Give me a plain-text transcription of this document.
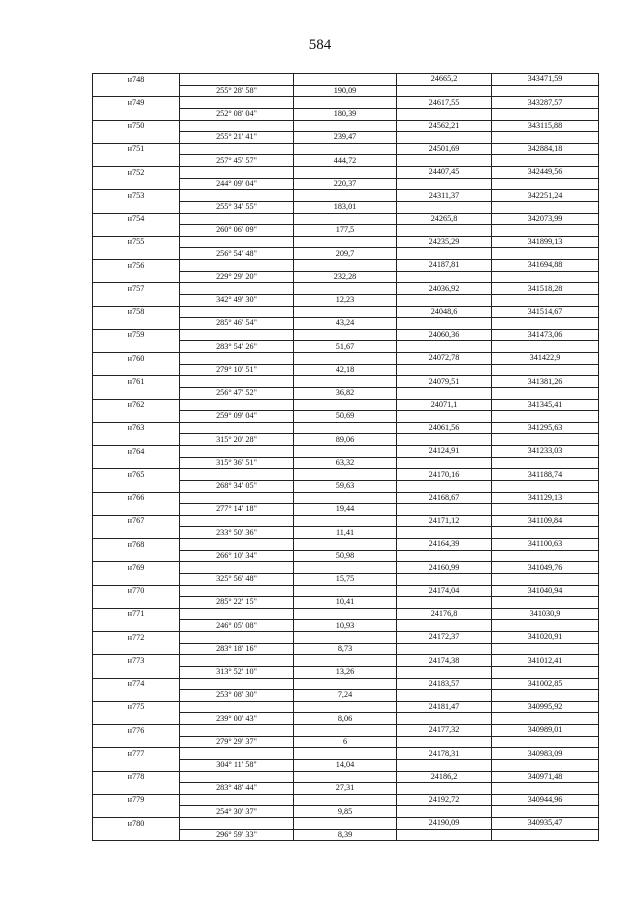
584
н748			24665,2	343471,59
	255° 28' 58"	190,09		
н749			24617,55	343287,57
	252° 08' 04"	180,39		
н750			24562,21	343115,88
	255° 21' 41"	239,47		
н751			24501,69	342884,18
	257° 45' 57"	444,72		
н752			24407,45	342449,56
	244° 09' 04"	220,37		
н753			24311,37	342251,24
	255° 34' 55"	183,01		
н754			24265,8	342073,99
	260° 06' 09"	177,5		
н755			24235,29	341899,13
	256° 54' 48"	209,7		
н756			24187,81	341694,88
	229° 29' 20"	232,28		
н757			24036,92	341518,28
	342° 49' 30"	12,23		
н758			24048,6	341514,67
	285° 46' 54"	43,24		
н759			24060,36	341473,06
	283° 54' 26"	51,67		
н760			24072,78	341422,9
	279° 10' 51"	42,18		
н761			24079,51	341381,26
	256° 47' 52"	36,82		
н762			24071,1	341345,41
	259° 09' 04"	50,69		
н763			24061,56	341295,63
	315° 20' 28"	89,06		
н764			24124,91	341233,03
	315° 36' 51"	63,32		
н765			24170,16	341188,74
	268° 34' 05"	59,63		
н766			24168,67	341129,13
	277° 14' 18"	19,44		
н767			24171,12	341109,84
	233° 50' 36"	11,41		
н768			24164,39	341100,63
	266° 10' 34"	50,98		
н769			24160,99	341049,76
	325° 56' 48"	15,75		
н770			24174,04	341040,94
	285° 22' 15"	10,41		
н771			24176,8	341030,9
	246° 05' 08"	10,93		
н772			24172,37	341020,91
	283° 18' 16"	8,73		
н773			24174,38	341012,41
	313° 52' 10"	13,26		
н774			24183,57	341002,85
	253° 08' 30"	7,24		
н775			24181,47	340995,92
	239° 00' 43"	8,06		
н776			24177,32	340989,01
	279° 29' 37"	6		
н777			24178,31	340983,09
	304° 11' 58"	14,04		
н778			24186,2	340971,48
	283° 48' 44"	27,31		
н779			24192,72	340944,96
	254° 30' 37"	9,85		
н780			24190,09	340935,47
	296° 59' 33"	8,39		
